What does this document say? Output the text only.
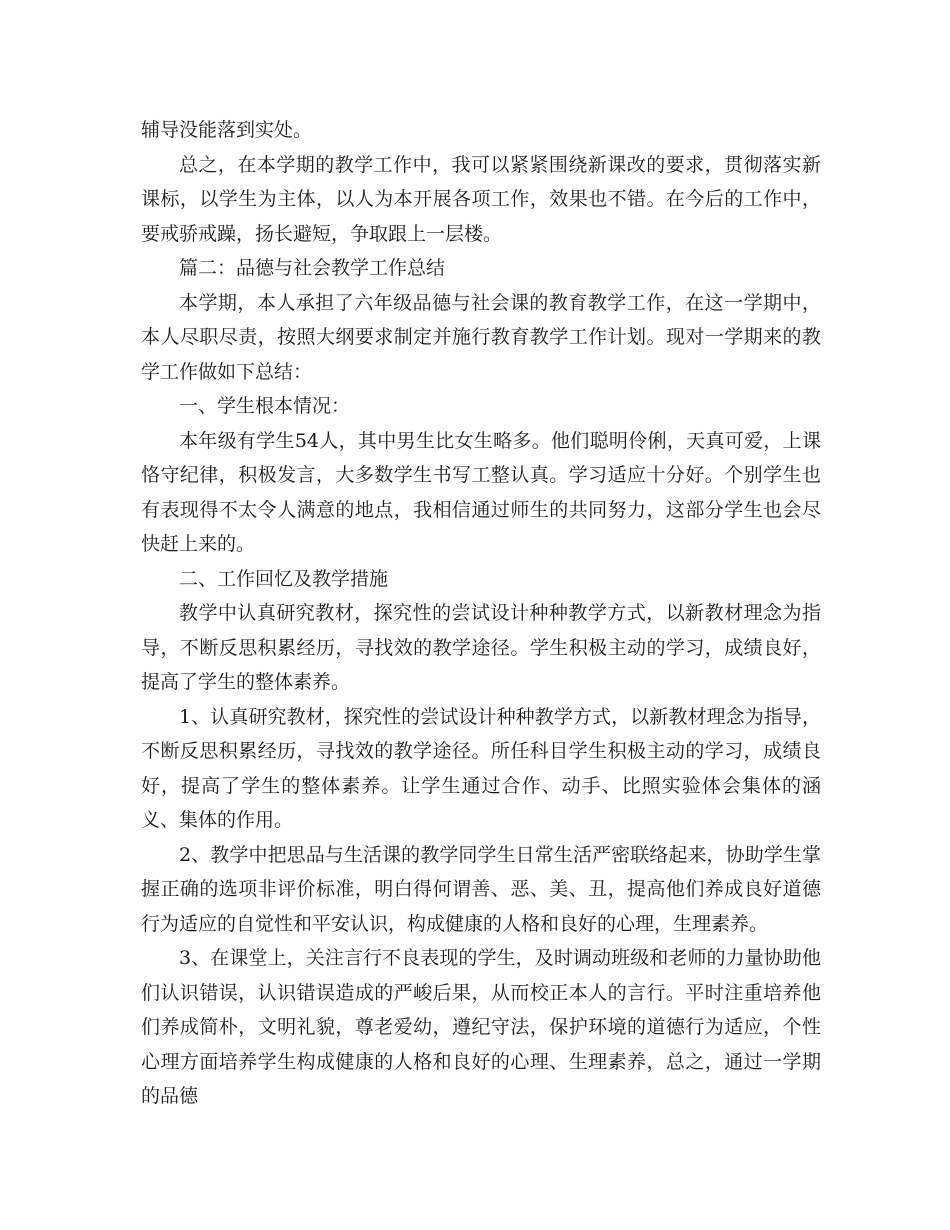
辅导没能落到实处。

总之，在本学期的教学工作中，我可以紧紧围绕新课改的要求，贯彻落实新课标，以学生为主体，以人为本开展各项工作，效果也不错。在今后的工作中，要戒骄戒躁，扬长避短，争取跟上一层楼。

篇二：品德与社会教学工作总结

本学期，本人承担了六年级品德与社会课的教育教学工作，在这一学期中，本人尽职尽责，按照大纲要求制定并施行教育教学工作计划。现对一学期来的教学工作做如下总结：

一、学生根本情况：

本年级有学生54人，其中男生比女生略多。他们聪明伶俐，天真可爱，上课恪守纪律，积极发言，大多数学生书写工整认真。学习适应十分好。个别学生也有表现得不太令人满意的地点，我相信通过师生的共同努力，这部分学生也会尽快赶上来的。

二、工作回忆及教学措施

教学中认真研究教材，探究性的尝试设计种种教学方式，以新教材理念为指导，不断反思积累经历，寻找效的教学途径。学生积极主动的学习，成绩良好，提高了学生的整体素养。

1、认真研究教材，探究性的尝试设计种种教学方式，以新教材理念为指导，不断反思积累经历，寻找效的教学途径。所任科目学生积极主动的学习，成绩良好，提高了学生的整体素养。让学生通过合作、动手、比照实验体会集体的涵义、集体的作用。

2、教学中把思品与生活课的教学同学生日常生活严密联络起来，协助学生掌握正确的选项非评价标准，明白得何谓善、恶、美、丑，提高他们养成良好道德行为适应的自觉性和平安认识，构成健康的人格和良好的心理，生理素养。

3、在课堂上，关注言行不良表现的学生，及时调动班级和老师的力量协助他们认识错误，认识错误造成的严峻后果，从而校正本人的言行。平时注重培养他们养成简朴，文明礼貌，尊老爱幼，遵纪守法，保护环境的道德行为适应，个性心理方面培养学生构成健康的人格和良好的心理、生理素养，总之，通过一学期的品德
